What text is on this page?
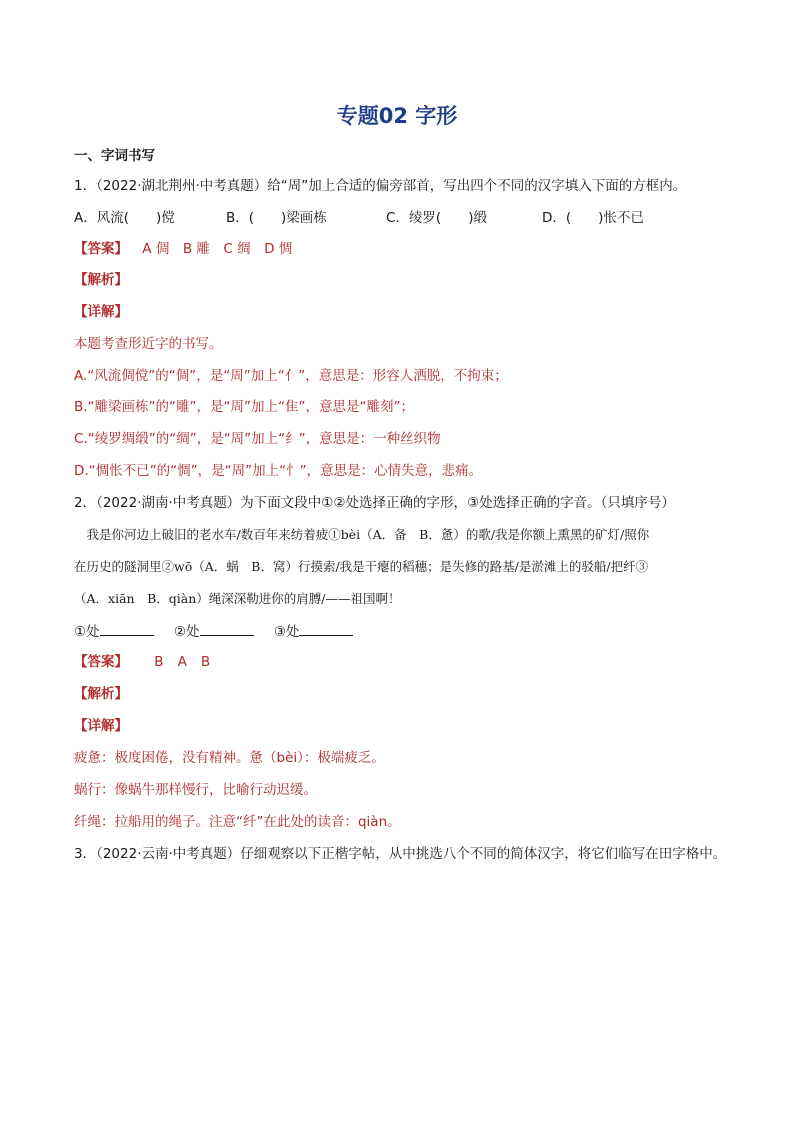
专题02 字形
一、字词书写
1．（2022·湖北荆州·中考真题）给“周”加上合适的偏旁部首，写出四个不同的汉字填入下面的方框内。
A．风流(　　)傥	B．(　　)梁画栋	C．绫罗(　　)缎	D．(　　)怅不已
【答案】 A 倜　B 雕　C 绸　D 惆
【解析】
【详解】
本题考查形近字的书写。
A.“风流倜傥”的“倜”，是“周”加上“亻”，意思是：形容人洒脱，不拘束；
B.“雕梁画栋”的“雕”，是“周”加上“隹”，意思是“雕刻”；
C.“绫罗绸缎”的“绸”，是“周”加上“纟”，意思是：一种丝织物
D.“惆怅不已”的“惆”，是“周”加上“忄”，意思是：心情失意，悲痛。
2．（2022·湖南·中考真题）为下面文段中①②处选择正确的字形，③处选择正确的字音。（只填序号）
　我是你河边上破旧的老水车/数百年来纺着疲①bèi（A．备　B．惫）的歌/我是你额上熏黑的矿灯/照你
在历史的隧洞里②wō（A．蜗　B．窝）行摸索/我是干瘪的稻穗；是失修的路基/是淤滩上的驳船/把纤③
（A．xiān　B．qiàn）绳深深勒进你的肩膊/——祖国啊！
①处	②处	③处
【答案】 B A B
【解析】
【详解】
疲惫：极度困倦，没有精神。惫（bèi）：极端疲乏。
蜗行：像蜗牛那样慢行，比喻行动迟缓。
纤绳：拉船用的绳子。注意“纤”在此处的读音：qiàn。
3．（2022·云南·中考真题）仔细观察以下正楷字帖，从中挑选八个不同的简体汉字，将它们临写在田字格中。
